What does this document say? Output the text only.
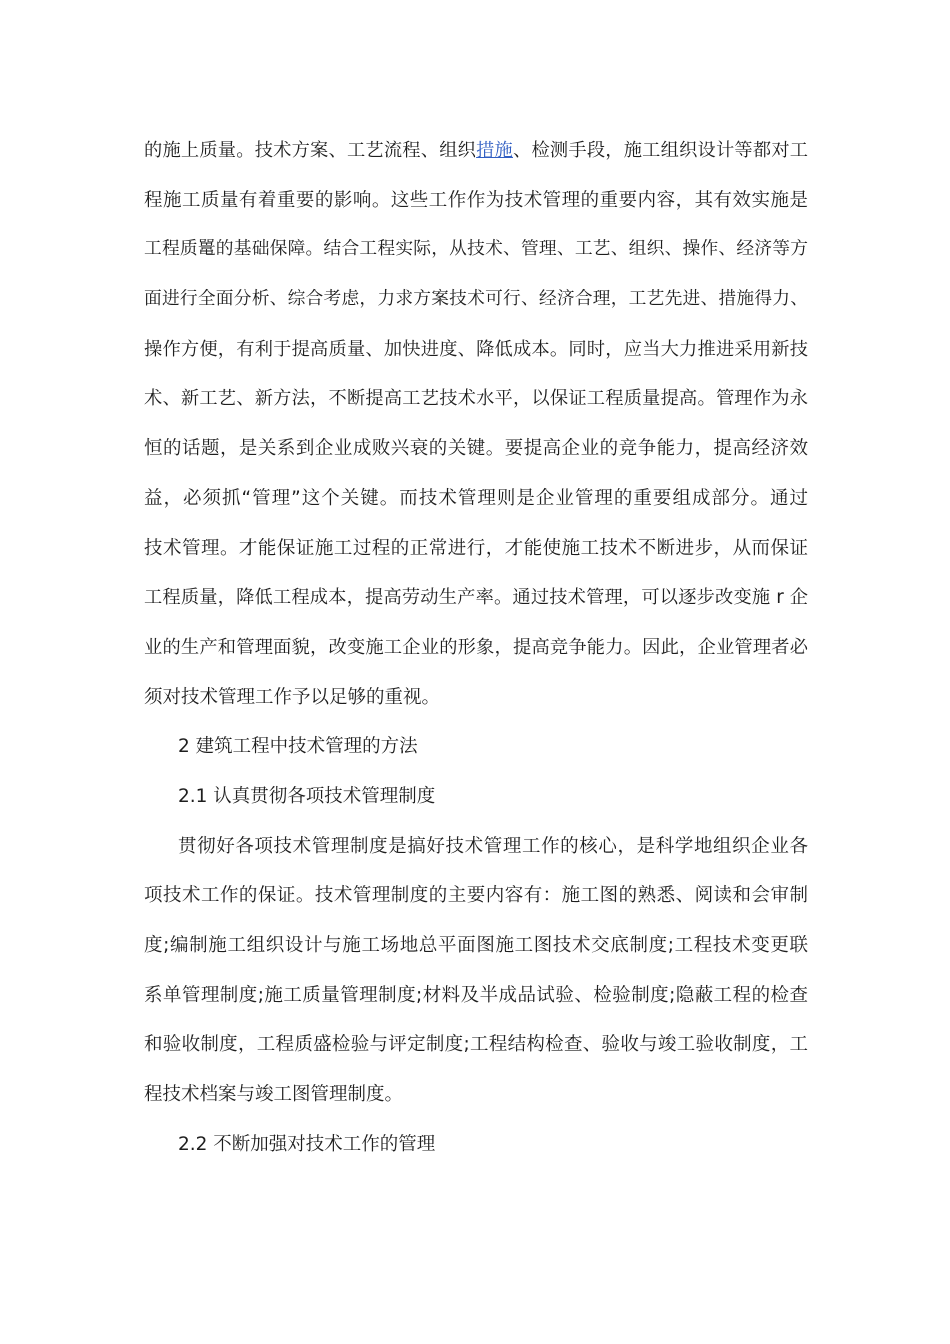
的施上质量。技术方案、工艺流程、组织措施、检测手段，施工组织设计等都对工
程施工质量有着重要的影响。这些工作作为技术管理的重要内容，其有效实施是
工程质鼍的基础保障。结合工程实际，从技术、管理、工艺、组织、操作、经济等方
面进行全面分析、综合考虑，力求方案技术可行、经济合理，工艺先进、措施得力、
操作方便，有利于提高质量、加快进度、降低成本。同时，应当大力推进采用新技
术、新工艺、新方法，不断提高工艺技术水平，以保证工程质量提高。管理作为永
恒的话题，是关系到企业成败兴衰的关键。要提高企业的竞争能力，提高经济效
益，必须抓“管理”这个关键。而技术管理则是企业管理的重要组成部分。通过
技术管理。才能保证施工过程的正常进行，才能使施工技术不断进步，从而保证
工程质量，降低工程成本，提高劳动生产率。通过技术管理，可以逐步改变施 r 企
业的生产和管理面貌，改变施工企业的形象，提高竞争能力。因此，企业管理者必
须对技术管理工作予以足够的重视。
2 建筑工程中技术管理的方法
2.1 认真贯彻各项技术管理制度
贯彻好各项技术管理制度是搞好技术管理工作的核心，是科学地组织企业各
项技术工作的保证。技术管理制度的主要内容有：施工图的熟悉、阅读和会审制
度;编制施工组织设计与施工场地总平面图施工图技术交底制度;工程技术变更联
系单管理制度;施工质量管理制度;材料及半成品试验、检验制度;隐蔽工程的检查
和验收制度，工程质盛检验与评定制度;工程结构检查、验收与竣工验收制度，工
程技术档案与竣工图管理制度。
2.2 不断加强对技术工作的管理
